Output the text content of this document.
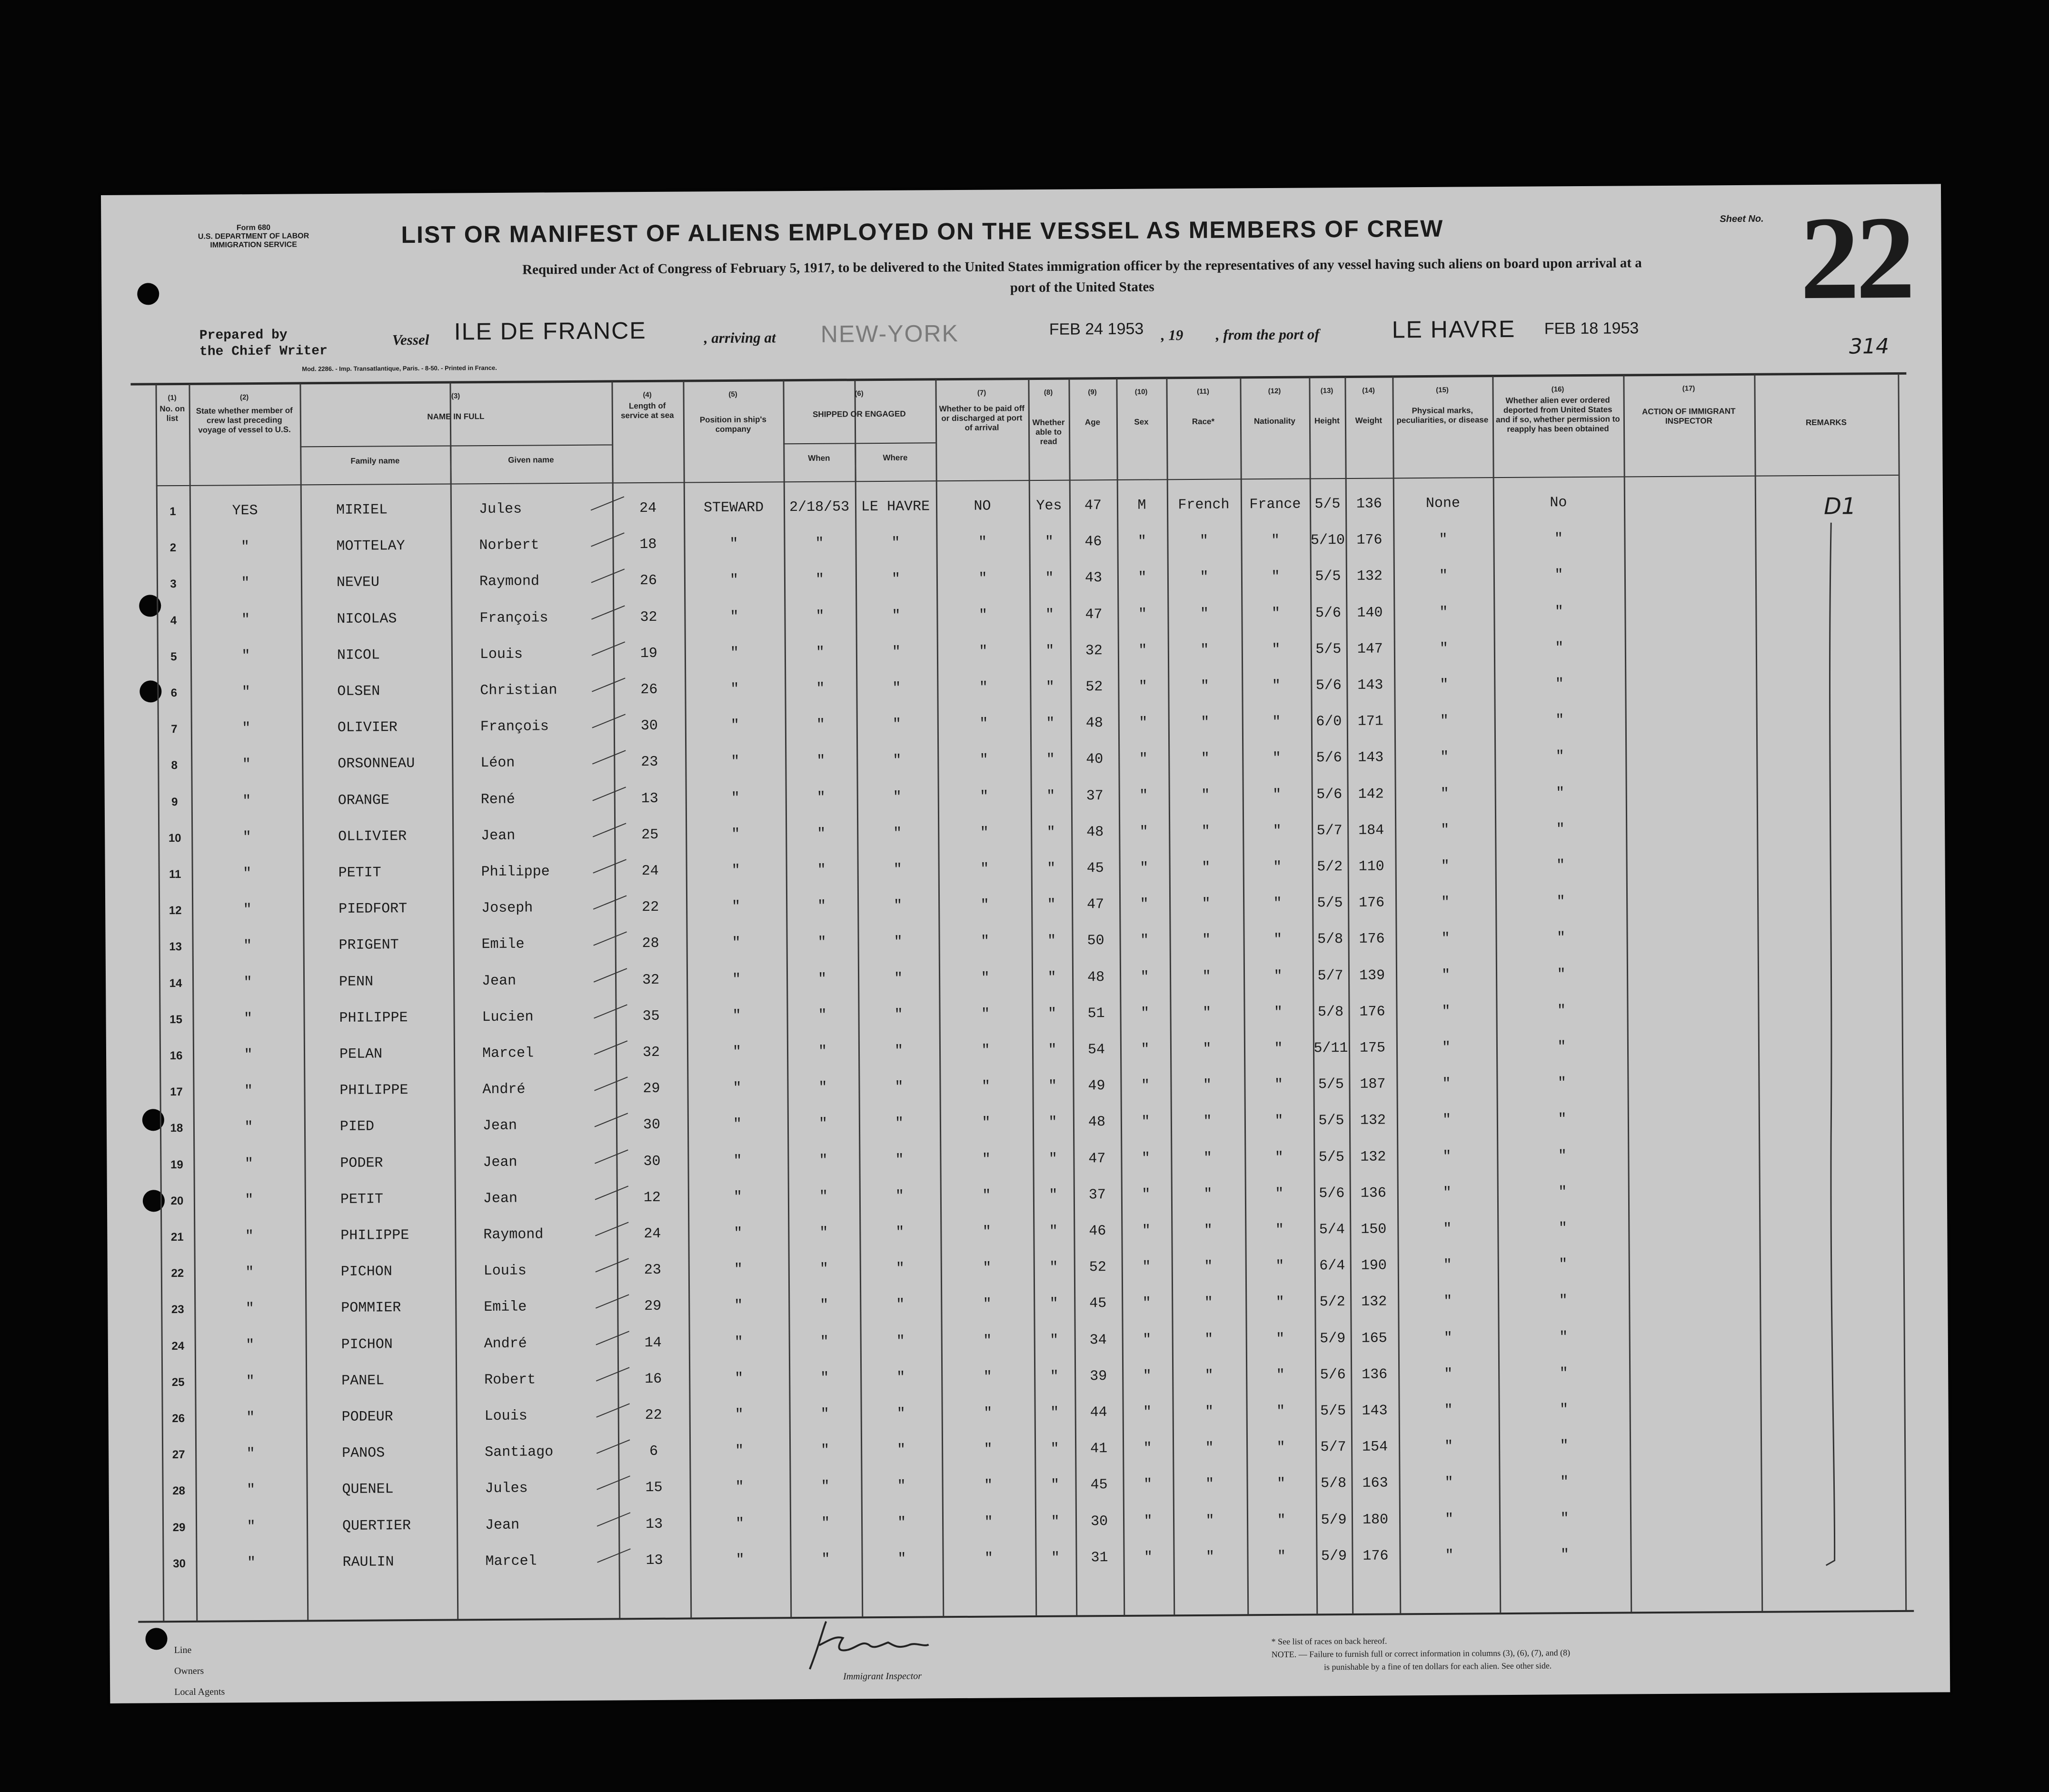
Form 680
U.S. DEPARTMENT OF LABOR
IMMIGRATION SERVICE	LIST OR MANIFEST OF ALIENS EMPLOYED ON THE VESSEL AS MEMBERS OF CREW
Required under Act of Congress of February 5, 1917, to be delivered to the United States immigration officer by the representatives of any vessel having such aliens on board upon arrival at a
port of the United States
Sheet No. 22
314
Prepared by
the Chief Writer
Vessel ILE DE FRANCE	, arriving at NEW-YORK	FEB 24 1953 , 19 , from the port of	LE HAVRE FEB 18 1953
Mod. 2286. - Imp. Transatlantique, Paris. - 8-50. - Printed in France.
(1)
No. on list
(2)
State whether member of crew last preceding voyage of vessel to U.S.
(3)
NAME IN FULL
Family name	Given name
(4)
Length of service at sea
(5)
Position in ship's company
(6)
SHIPPED OR ENGAGED
When	Where
(7)
Whether to be paid off or discharged at port of arrival
(8)
Whether able to read
(9)
Age
(10)
Sex
(11)
Race*
(12)
Nationality
(13)
Height
(14)
Weight
(15)
Physical marks, peculiarities, or disease
(16)
Whether alien ever ordered deported from United States and if so, whether permission to reapply has been obtained
(17)
ACTION OF IMMIGRANT INSPECTOR	REMARKS
1	YES	MIRIEL	Jules	24	STEWARD	2/18/53 LE HAVRE	NO	Yes	47	M	French	France 5/5	136	None	No
2	"	MOTTELAY	Norbert	18	"	"	"	"	"	46	"	"	"	5/10 176	"	"
3	"	NEVEU	Raymond	26	"	"	"	"	"	43	"	"	"	5/5	132	"	"
4	"	NICOLAS	François	32	"	"	"	"	"	47	"	"	"	5/6	140	"	"
5	"	NICOL	Louis	19	"	"	"	"	"	32	"	"	"	5/5	147	"	"
6	"	OLSEN	Christian	26	"	"	"	"	"	52	"	"	"	5/6	143	"	"
7	"	OLIVIER	François	30	"	"	"	"	"	48	"	"	"	6/0	171	"	"
8	"	ORSONNEAU	Léon	23	"	"	"	"	"	40	"	"	"	5/6	143	"	"
9	"	ORANGE	René	13	"	"	"	"	"	37	"	"	"	5/6	142	"	"
10	"	OLLIVIER	Jean	25	"	"	"	"	"	48	"	"	"	5/7	184	"	"
11	"	PETIT	Philippe	24	"	"	"	"	"	45	"	"	"	5/2	110	"	"
12	"	PIEDFORT	Joseph	22	"	"	"	"	"	47	"	"	"	5/5	176	"	"
13	"	PRIGENT	Emile	28	"	"	"	"	"	50	"	"	"	5/8	176	"	"
14	"	PENN	Jean	32	"	"	"	"	"	48	"	"	"	5/7	139	"	"
15	"	PHILIPPE	Lucien	35	"	"	"	"	"	51	"	"	"	5/8	176	"	"
16	"	PELAN	Marcel	32	"	"	"	"	"	54	"	"	"	5/11 175	"	"
17	"	PHILIPPE	André	29	"	"	"	"	"	49	"	"	"	5/5	187	"	"
18	"	PIED	Jean	30	"	"	"	"	"	48	"	"	"	5/5	132	"	"
19	"	PODER	Jean	30	"	"	"	"	"	47	"	"	"	5/5	132	"	"
20	"	PETIT	Jean	12	"	"	"	"	"	37	"	"	"	5/6	136	"	"
21	"	PHILIPPE	Raymond	24	"	"	"	"	"	46	"	"	"	5/4	150	"	"
22	"	PICHON	Louis	23	"	"	"	"	"	52	"	"	"	6/4	190	"	"
23	"	POMMIER	Emile	29	"	"	"	"	"	45	"	"	"	5/2	132	"	"
24	"	PICHON	André	14	"	"	"	"	"	34	"	"	"	5/9	165	"	"
25	"	PANEL	Robert	16	"	"	"	"	"	39	"	"	"	5/6	136	"	"
26	"	PODEUR	Louis	22	"	"	"	"	"	44	"	"	"	5/5	143	"	"
27	"	PANOS	Santiago	6	"	"	"	"	"	41	"	"	"	5/7	154	"	"
28	"	QUENEL	Jules	15	"	"	"	"	"	45	"	"	"	5/8	163	"	"
29	"	QUERTIER	Jean	13	"	"	"	"	"	30	"	"	"	5/9	180	"	"
30	"	RAULIN	Marcel	13	"	"	"	"	"	31	"	"	"	5/9	176	"	"
D1
Line
Owners
Local Agents
Immigrant Inspector
* See list of races on back hereof.
NOTE. — Failure to furnish full or correct information in columns (3), (6), (7), and (8)
is punishable by a fine of ten dollars for each alien. See other side.
